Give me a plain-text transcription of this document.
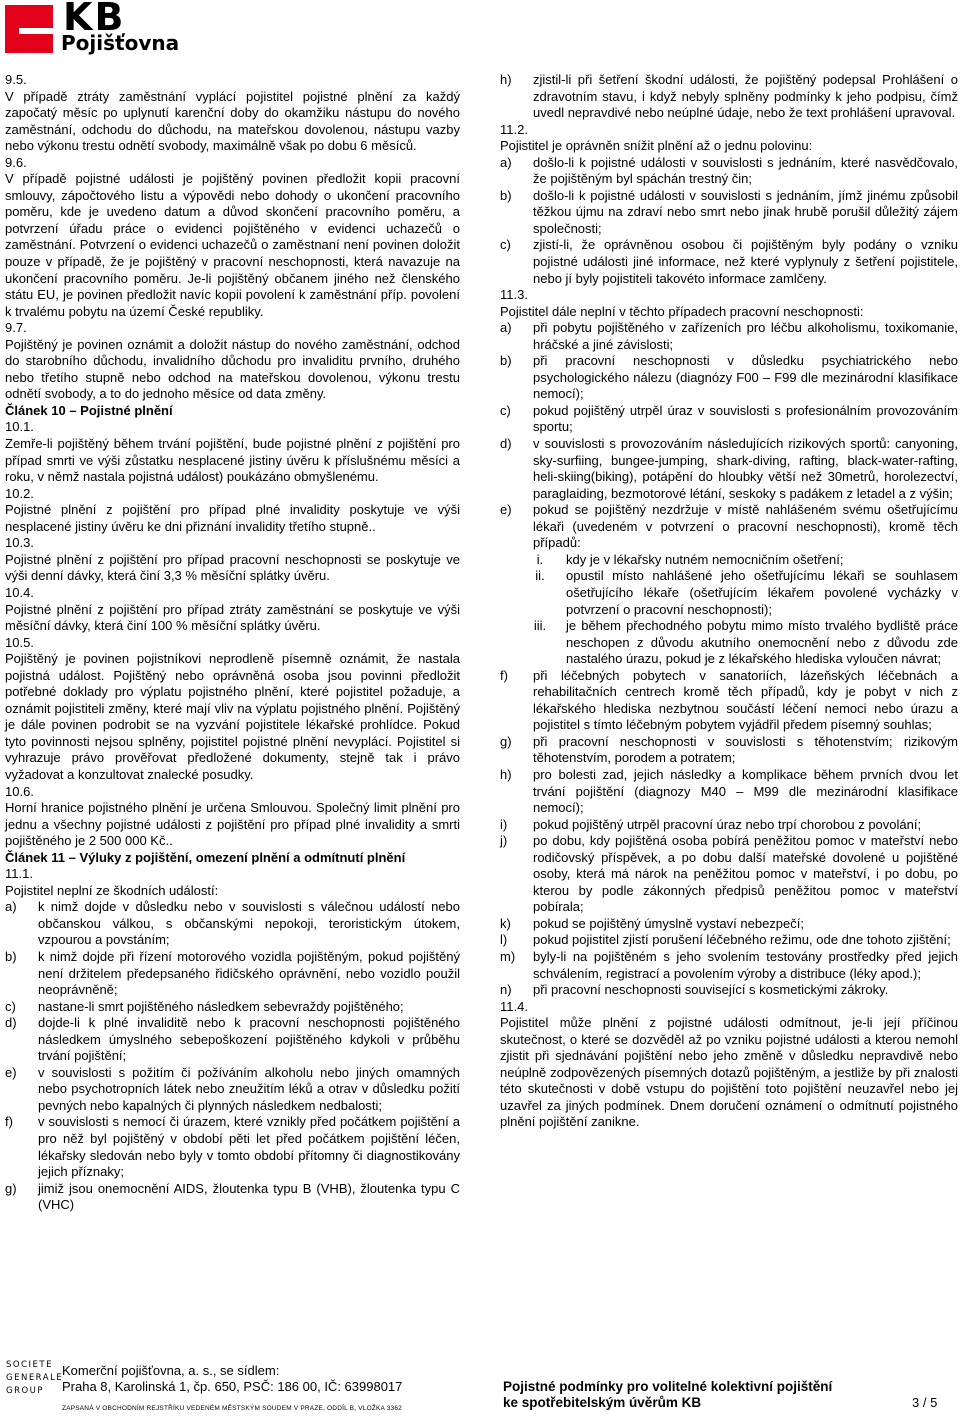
KB
Pojišťovna

9.5.

V případě ztráty zaměstnání vyplácí pojistitel pojistné plnění za každý započatý měsíc po uplynutí karenční doby do okamžiku nástupu do nového zaměstnání, odchodu do důchodu, na mateřskou dovolenou, nástupu vazby nebo výkonu trestu odnětí svobody, maximálně však po dobu 6 měsíců.

9.6.

V případě pojistné události je pojištěný povinen předložit kopii pracovní smlouvy, zápočtového listu a výpovědi nebo dohody o ukončení pracovního poměru, kde je uvedeno datum a důvod skončení pracovního poměru, a potvrzení úřadu práce o evidenci pojištěného v evidenci uchazečů o zaměstnání. Potvrzení o evidenci uchazečů o zaměstnaní není povinen doložit pouze v případě, že je pojištěný v pracovní neschopnosti, která navazuje na ukončení pracovního poměru. Je-li pojištěný občanem jiného než členského státu EU, je povinen předložit navíc kopii povolení k zaměstnání příp. povolení k trvalému pobytu na území České republiky.

9.7.

Pojištěný je povinen oznámit a doložit nástup do nového zaměstnání, odchod do starobního důchodu, invalidního důchodu pro invaliditu prvního, druhého nebo třetího stupně nebo odchod na mateřskou dovolenou, výkonu trestu odnětí svobody, a to do jednoho měsíce od data změny.

Článek 10 – Pojistné plnění

10.1.

Zemře-li pojištěný během trvání pojištění, bude pojistné plnění z pojištění pro případ smrti ve výši zůstatku nesplacené jistiny úvěru k příslušnému měsíci a roku, v němž nastala pojistná událost) poukázáno obmyšlenému.

10.2.

Pojistné plnění z pojištění pro případ plné invalidity poskytuje ve výši nesplacené jistiny úvěru ke dni přiznání invalidity třetího stupně..

10.3.

Pojistné plnění z pojištění pro případ pracovní neschopnosti se poskytuje ve výši denní dávky, která činí 3,3 % měsíční splátky úvěru.

10.4.

Pojistné plnění z pojištění pro případ ztráty zaměstnání se poskytuje ve výši měsíční dávky, která činí 100 % měsíční splátky úvěru.

10.5.

Pojištěný je povinen pojistníkovi neprodleně písemně oznámit, že nastala pojistná událost. Pojištěný nebo oprávněná osoba jsou povinni předložit potřebné doklady pro výplatu pojistného plnění, které pojistitel požaduje, a oznámit pojistiteli změny, které mají vliv na výplatu pojistného plnění. Pojištěný je dále povinen podrobit se na vyzvání pojistitele lékařské prohlídce. Pokud tyto povinnosti nejsou splněny, pojistitel pojistné plnění nevyplácí. Pojistitel si vyhrazuje právo prověřovat předložené dokumenty, stejně tak i právo vyžadovat a konzultovat znalecké posudky.

10.6.

Horní hranice pojistného plnění je určena Smlouvou. Společný limit plnění pro jednu a všechny pojistné události z pojištění pro případ plné invalidity a smrti pojištěného je 2 500 000 Kč..

Článek 11 – Výluky z pojištění, omezení plnění a odmítnutí plnění

11.1.

Pojistitel neplní ze škodních událostí:

a) k nimž dojde v důsledku nebo v souvislosti s válečnou událostí nebo občanskou válkou, s občanskými nepokoji, teroristickým útokem, vzpourou a povstáním;
b) k nimž dojde při řízení motorového vozidla pojištěným, pokud pojištěný není držitelem předepsaného řidičského oprávnění, nebo vozidlo použil neoprávněně;
c) nastane-li smrt pojištěného následkem sebevraždy pojištěného;
d) dojde-li k plné invaliditě nebo k pracovní neschopnosti pojištěného následkem úmyslného sebepoškození pojištěného kdykoli v průběhu trvání pojištění;
e) v souvislosti s požitím či požíváním alkoholu nebo jiných omamných nebo psychotropních látek nebo zneužitím léků a otrav v důsledku požití pevných nebo kapalných či plynných následkem nedbalosti;
f) v souvislosti s nemocí či úrazem, které vznikly před počátkem pojištění a pro něž byl pojištěný v období pěti let před počátkem pojištění léčen, lékařsky sledován nebo byly v tomto období přítomny či diagnostikovány jejich příznaky;
g) jimiž jsou onemocnění AIDS, žloutenka typu B (VHB), žloutenka typu C (VHC)
h) zjistil-li při šetření škodní události, že pojištěný podepsal Prohlášení o zdravotním stavu, i když nebyly splněny podmínky k jeho podpisu, čímž uvedl nepravdivé nebo neúplné údaje, nebo že text prohlášení upravoval.

11.2.

Pojistitel je oprávněn snížit plnění až o jednu polovinu:

a) došlo-li k pojistné události v souvislosti s jednáním, které nasvědčovalo, že pojištěným byl spáchán trestný čin;
b) došlo-li k pojistné události v souvislosti s jednáním, jímž jinému způsobil těžkou újmu na zdraví nebo smrt nebo jinak hrubě porušil důležitý zájem společnosti;
c) zjistí-li, že oprávněnou osobou či pojištěným byly podány o vzniku pojistné události jiné informace, než které vyplynuly z šetření pojistitele, nebo jí byly pojistiteli takovéto informace zamlčeny.

11.3.

Pojistitel dále neplní v těchto případech pracovní neschopnosti:

a) při pobytu pojištěného v zařízeních pro léčbu alkoholismu, toxikomanie, hráčské a jiné závislosti;
b) při pracovní neschopnosti v důsledku psychiatrického nebo psychologického nálezu (diagnózy F00 – F99 dle mezinárodní klasifikace nemocí);
c) pokud pojištěný utrpěl úraz v souvislosti s profesionálním provozováním sportu;
d) v souvislosti s provozováním následujících rizikových sportů: canyoning, sky-surfiing, bungee-jumping, shark-diving, rafting, black-water-rafting, heli-skiing(biking), potápění do hloubky větší než 30metrů, horolezectví, paraglaiding, bezmotorové létání, seskoky s padákem z letadel a z výšin;
e) pokud se pojištěný nezdržuje v místě nahlášeném svému ošetřujícímu lékaři (uvedeném v potvrzení o pracovní neschopnosti), kromě těch případů:
i.	kdy je v lékařsky nutném nemocničním ošetření;
ii.	opustil místo nahlášené jeho ošetřujícímu lékaři se souhlasem ošetřujícího lékaře (ošetřujícím lékařem povolené vycházky v potvrzení o pracovní neschopnosti);
iii.	je během přechodného pobytu mimo místo trvalého bydliště práce neschopen z důvodu akutního onemocnění nebo z důvodu zde nastalého úrazu, pokud je z lékařského hlediska vyloučen návrat;
f) při léčebných pobytech v sanatoriích, lázeňských léčebnách a rehabilitačních centrech kromě těch případů, kdy je pobyt v nich z lékařského hlediska nezbytnou součástí léčení nemoci nebo úrazu a pojistitel s tímto léčebným pobytem vyjádřil předem písemný souhlas;
g) při pracovní neschopnosti v souvislosti s těhotenstvím; rizikovým těhotenstvím, porodem a potratem;
h) pro bolesti zad, jejich následky a komplikace během prvních dvou let trvání pojištění (diagnozy M40 – M99 dle mezinárodní klasifikace nemocí);
i) pokud pojištěný utrpěl pracovní úraz nebo trpí chorobou z povolání;
j) po dobu, kdy pojištěná osoba pobírá peněžitou pomoc v mateřství nebo rodičovský příspěvek, a po dobu další mateřské dovolené u pojištěné osoby, která má nárok na peněžitou pomoc v mateřství, i po dobu, po kterou by podle zákonných předpisů peněžitou pomoc v mateřství pobírala;
k) pokud se pojištěný úmyslně vystaví nebezpečí;
l) pokud pojistitel zjistí porušení léčebného režimu, ode dne tohoto zjištění;
m) byly-li na pojištěném s jeho svolením testovány prostředky před jejich schválením, registrací a povolením výroby a distribuce (léky apod.);
n) při pracovní neschopnosti související s kosmetickými zákroky.

11.4.

Pojistitel může plnění z pojistné události odmítnout, je-li její příčinou skutečnost, o které se dozvěděl až po vzniku pojistné události a kterou nemohl zjistit při sjednávání pojištění nebo jeho změně v důsledku nepravdivě nebo neúplně zodpovězených písemných dotazů pojištěným, a jestliže by při znalosti této skutečnosti v době vstupu do pojištění toto pojištění neuzavřel nebo jej uzavřel za jiných podmínek. Dnem doručení oznámení o odmítnutí pojistného plnění pojištění zanikne.

SOCIETE
GENERALE
GROUP
Komerční pojišťovna, a. s., se sídlem:
Praha 8, Karolinská 1, čp. 650, PSČ: 186 00, IČ: 63998017
ZAPSANÁ V OBCHODNÍM REJSTŘÍKU VEDENÉM MĚSTSKÝM SOUDEM V PRAZE, ODDÍL B, VLOŽKA 3362
Pojistné podmínky pro volitelné kolektivní pojištění
ke spotřebitelským úvěrům KB	3 / 5
